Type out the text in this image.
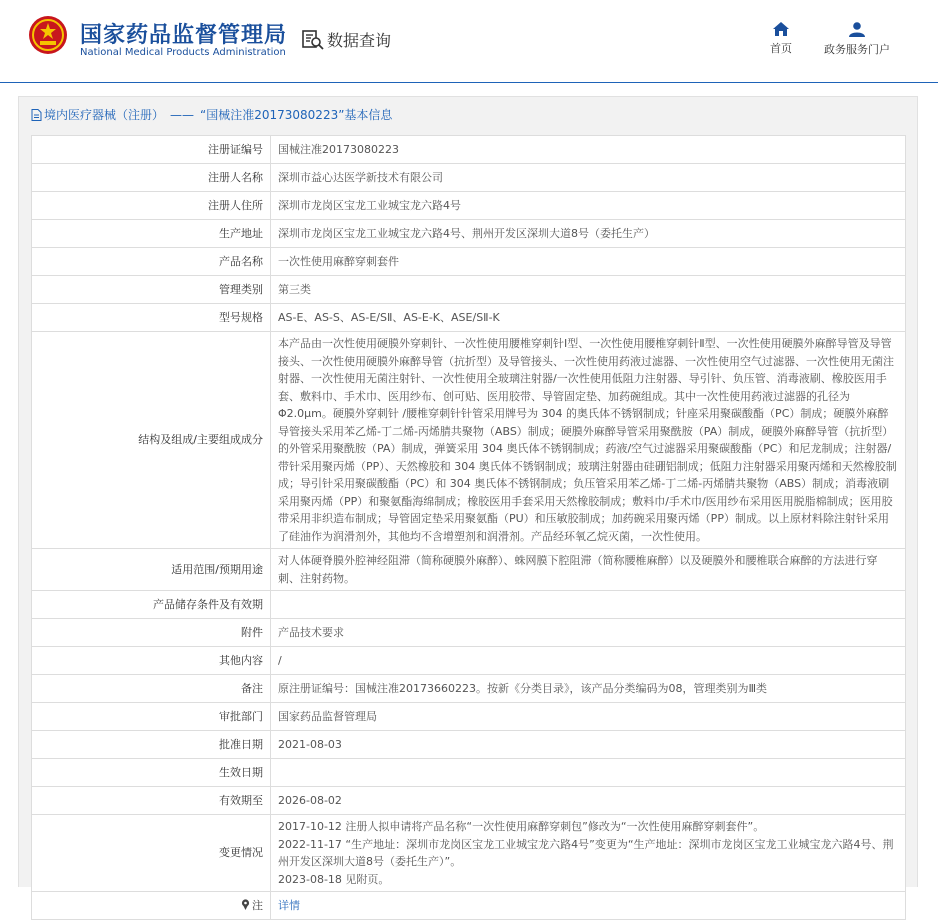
国家药品监督管理局
National Medical Products Administration
数据查询	首页	政务服务门户
境内医疗器械（注册） —— “国械注准20173080223”基本信息
注册证编号	国械注准20173080223
注册人名称	深圳市益心达医学新技术有限公司
注册人住所	深圳市龙岗区宝龙工业城宝龙六路4号
生产地址	深圳市龙岗区宝龙工业城宝龙六路4号、荆州开发区深圳大道8号（委托生产）
产品名称	一次性使用麻醉穿刺套件
管理类别	第三类
型号规格	AS-E、AS-S、AS-E/SⅡ、AS-E-K、ASE/SⅡ-K
结构及组成/主要组成成分	本产品由一次性使用硬膜外穿刺针、一次性使用腰椎穿刺针Ⅰ型、一次性使用腰椎穿刺针Ⅱ型、一次性使用硬膜外麻醉导管及导管接头、一次性使用硬膜外麻醉导管（抗折型）及导管接头、一次性使用药液过滤器、一次性使用空气过滤器、一次性使用无菌注射器、一次性使用无菌注射针、一次性使用全玻璃注射器/一次性使用低阻力注射器、导引针、负压管、消毒液刷、橡胶医用手套、敷料巾、手术巾、医用纱布、创可贴、医用胶带、导管固定垫、加药碗组成。其中一次性使用药液过滤器的孔径为Φ2.0μm。硬膜外穿刺针 /腰椎穿刺针针管采用牌号为 304 的奥氏体不锈钢制成；针座采用聚碳酸酯（PC）制成；硬膜外麻醉导管接头采用苯乙烯-丁二烯-丙烯腈共聚物（ABS）制成；硬膜外麻醉导管采用聚酰胺（PA）制成，硬膜外麻醉导管（抗折型）的外管采用聚酰胺（PA）制成，弹簧采用 304 奥氏体不锈钢制成；药液/空气过滤器采用聚碳酸酯（PC）和尼龙制成；注射器/带针采用聚丙烯（PP）、天然橡胶和 304 奥氏体不锈钢制成；玻璃注射器由硅硼铝制成；低阻力注射器采用聚丙烯和天然橡胶制成；导引针采用聚碳酸酯（PC）和 304 奥氏体不锈钢制成；负压管采用苯乙烯-丁二烯-丙烯腈共聚物（ABS）制成；消毒液刷采用聚丙烯（PP）和聚氨酯海绵制成；橡胶医用手套采用天然橡胶制成；敷料巾/手术巾/医用纱布采用医用脱脂棉制成；医用胶带采用非织造布制成；导管固定垫采用聚氨酯（PU）和压敏胶制成；加药碗采用聚丙烯（PP）制成。以上原材料除注射针采用了硅油作为润滑剂外，其他均不含增塑剂和润滑剂。产品经环氧乙烷灭菌，一次性使用。
适用范围/预期用途	对人体硬脊膜外腔神经阻滞（简称硬膜外麻醉）、蛛网膜下腔阻滞（简称腰椎麻醉）以及硬膜外和腰椎联合麻醉的方法进行穿刺、注射药物。
产品储存条件及有效期	
附件	产品技术要求
其他内容	/
备注	原注册证编号：国械注准20173660223。按新《分类目录》，该产品分类编码为08，管理类别为Ⅲ类
审批部门	国家药品监督管理局
批准日期	2021-08-03
生效日期	
有效期至	2026-08-02
变更情况	2017-10-12 注册人拟申请将产品名称“一次性使用麻醉穿刺包”修改为“一次性使用麻醉穿刺套件”。
2022-11-17 “生产地址：深圳市龙岗区宝龙工业城宝龙六路4号”变更为“生产地址：深圳市龙岗区宝龙工业城宝龙六路4号、荆州开发区深圳大道8号（委托生产）”。
2023-08-18 见附页。

注	详情
